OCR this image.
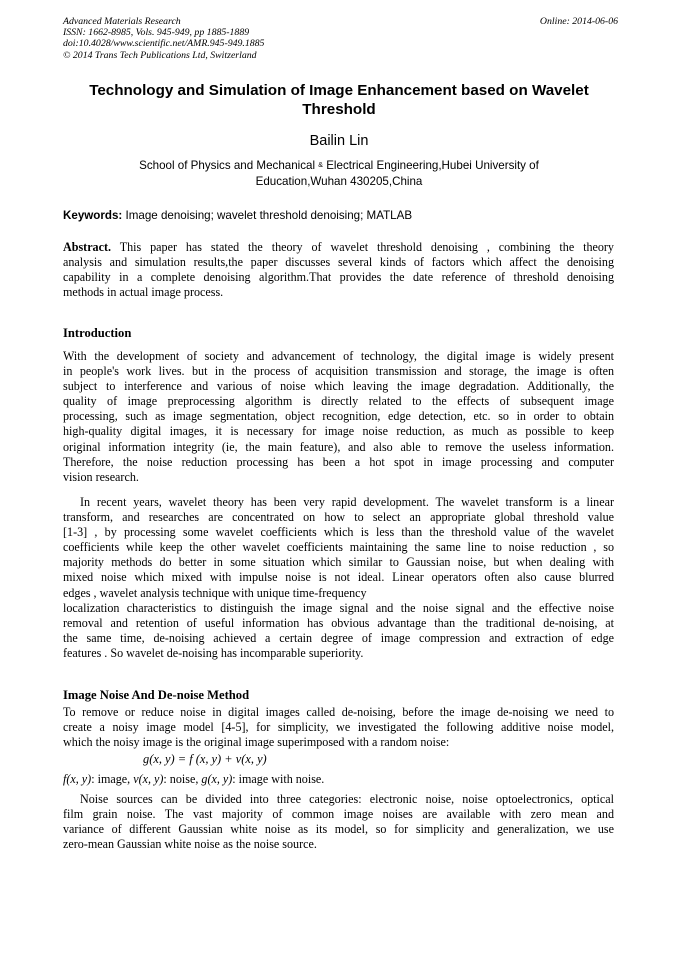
Advanced Materials Research
ISSN: 1662-8985, Vols. 945-949, pp 1885-1889
doi:10.4028/www.scientific.net/AMR.945-949.1885
© 2014 Trans Tech Publications Ltd, Switzerland
Online: 2014-06-06
Technology and Simulation of Image Enhancement based on Wavelet
Threshold
Bailin Lin
School of Physics and Mechanical & Electrical Engineering,Hubei University of
Education,Wuhan 430205,China
Keywords: Image denoising; wavelet threshold denoising; MATLAB
Abstract. This paper has stated the theory of wavelet threshold denoising , combining the theory
analysis and simulation results,the paper discusses several kinds of factors which affect the denoising
capability in a complete denoising algorithm.That provides the date reference of threshold denoising
methods in actual image process.
Introduction
With the development of society and advancement of technology, the digital image is widely present
in people's work lives. but in the process of acquisition transmission and storage, the image is often
subject to interference and various of noise which leaving the image degradation. Additionally, the
quality of image preprocessing algorithm is directly related to the effects of subsequent image
processing, such as image segmentation, object recognition, edge detection, etc. so in order to obtain
high-quality digital images, it is necessary for image noise reduction, as much as possible to keep
original information integrity (ie, the main feature), and also able to remove the useless information.
Therefore, the noise reduction processing has been a hot spot in image processing and computer
vision research.
In recent years, wavelet theory has been very rapid development. The wavelet transform is a linear
transform, and researches are concentrated on how to select an appropriate global threshold value
[1-3] , by processing some wavelet coefficients which is less than the threshold value of the wavelet
coefficients while keep the other wavelet coefficients maintaining the same line to noise reduction , so
majority methods do better in some situation which similar to Gaussian noise, but when dealing with
mixed noise which mixed with impulse noise is not ideal. Linear operators often also cause blurred
edges , wavelet analysis technique with unique time-frequency
localization characteristics to distinguish the image signal and the noise signal and the effective noise
removal and retention of useful information has obvious advantage than the traditional de-noising, at
the same time, de-noising achieved a certain degree of image compression and extraction of edge
features . So wavelet de-noising has incomparable superiority.
Image Noise And De-noise Method
To remove or reduce noise in digital images called de-noising, before the image de-noising we need to
create a noisy image model [4-5], for simplicity, we investigated the following additive noise model,
which the noisy image is the original image superimposed with a random noise:
g(x, y) = f (x, y) + v(x, y)
f(x, y): image, v(x, y): noise, g(x, y): image with noise.
Noise sources can be divided into three categories: electronic noise, noise optoelectronics, optical
film grain noise. The vast majority of common image noises are available with zero mean and
variance of different Gaussian white noise as its model, so for simplicity and generalization, we use
zero-mean Gaussian white noise as the noise source.
